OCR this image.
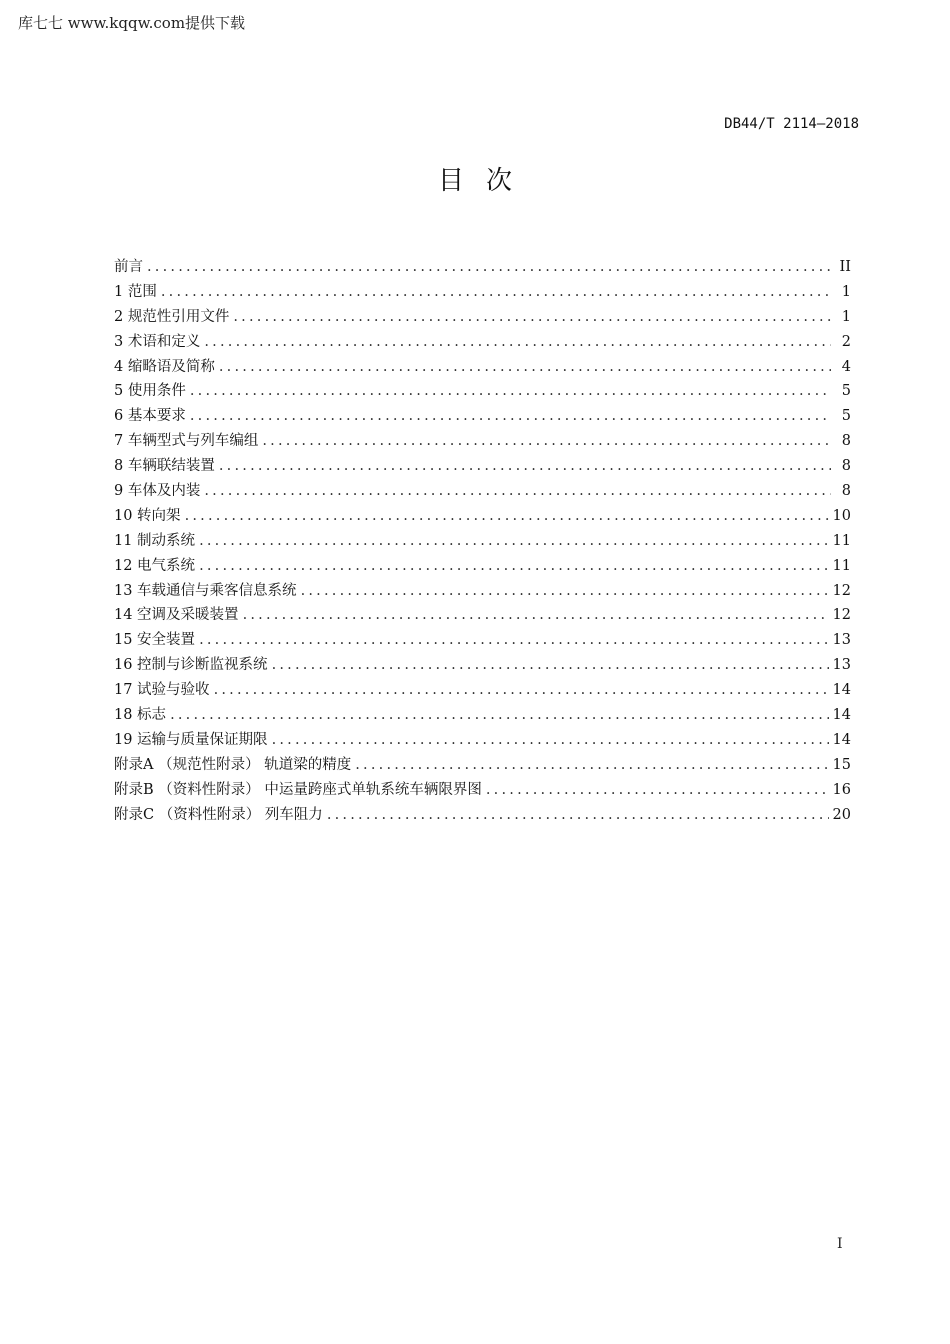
库七七 www.kqqw.com提供下载
DB44/T 2114—2018
目次
前言 .....	II
1 范围 .....	1
2 规范性引用文件 .....	1
3 术语和定义 .....	2
4 缩略语及简称 .....	4
5 使用条件 .....	5
6 基本要求 .....	5
7 车辆型式与列车编组 .....	8
8 车辆联结装置 .....	8
9 车体及内装 .....	8
10 转向架 .....	10
11 制动系统 .....	11
12 电气系统 .....	11
13 车载通信与乘客信息系统 .....	12
14 空调及采暖装置 .....	12
15 安全装置 .....	13
16 控制与诊断监视系统 .....	13
17 试验与验收 .....	14
18 标志 .....	14
19 运输与质量保证期限 .....	14
附录A （规范性附录） 轨道梁的精度 .....	15
附录B （资料性附录） 中运量跨座式单轨系统车辆限界图 .....	16
附录C （资料性附录） 列车阻力 .....	20
I
